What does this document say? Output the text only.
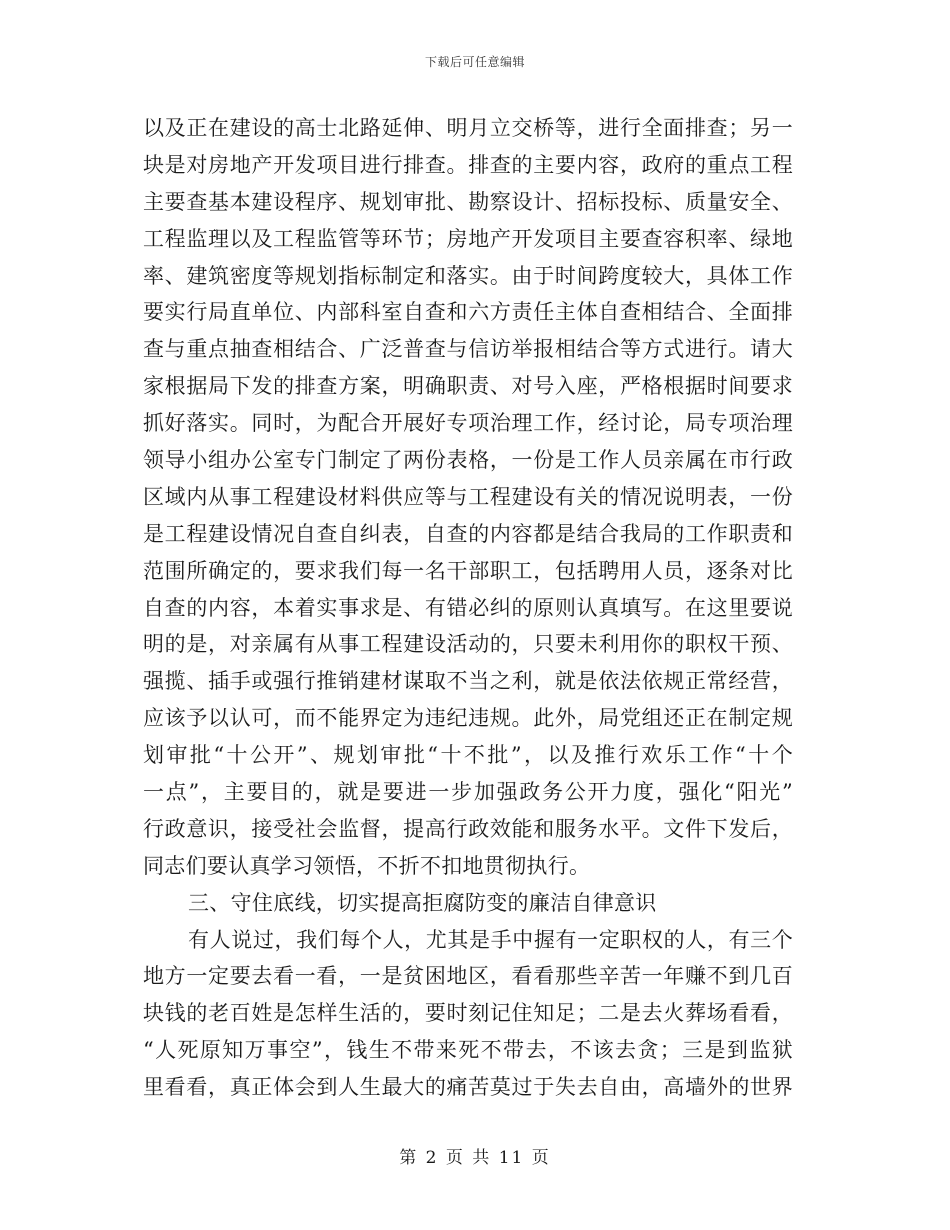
下载后可任意编辑
以及正在建设的高士北路延伸、明月立交桥等，进行全面排查；另一
块是对房地产开发项目进行排查。排查的主要内容，政府的重点工程
主要查基本建设程序、规划审批、勘察设计、招标投标、质量安全、
工程监理以及工程监管等环节；房地产开发项目主要查容积率、绿地
率、建筑密度等规划指标制定和落实。由于时间跨度较大，具体工作
要实行局直单位、内部科室自查和六方责任主体自查相结合、全面排
查与重点抽查相结合、广泛普查与信访举报相结合等方式进行。请大
家根据局下发的排查方案，明确职责、对号入座，严格根据时间要求
抓好落实。同时，为配合开展好专项治理工作，经讨论，局专项治理
领导小组办公室专门制定了两份表格，一份是工作人员亲属在市行政
区域内从事工程建设材料供应等与工程建设有关的情况说明表，一份
是工程建设情况自查自纠表，自查的内容都是结合我局的工作职责和
范围所确定的，要求我们每一名干部职工，包括聘用人员，逐条对比
自查的内容，本着实事求是、有错必纠的原则认真填写。在这里要说
明的是，对亲属有从事工程建设活动的，只要未利用你的职权干预、
强揽、插手或强行推销建材谋取不当之利，就是依法依规正常经营，
应该予以认可，而不能界定为违纪违规。此外，局党组还正在制定规
划审批“十公开”、规划审批“十不批”，以及推行欢乐工作“十个
一点”，主要目的，就是要进一步加强政务公开力度，强化“阳光”
行政意识，接受社会监督，提高行政效能和服务水平。文件下发后，
同志们要认真学习领悟，不折不扣地贯彻执行。
三、守住底线，切实提高拒腐防变的廉洁自律意识
有人说过，我们每个人，尤其是手中握有一定职权的人，有三个
地方一定要去看一看，一是贫困地区，看看那些辛苦一年赚不到几百
块钱的老百姓是怎样生活的，要时刻记住知足；二是去火葬场看看，
“人死原知万事空”，钱生不带来死不带去，不该去贪；三是到监狱
里看看，真正体会到人生最大的痛苦莫过于失去自由，高墙外的世界
第 2 页 共 11 页
